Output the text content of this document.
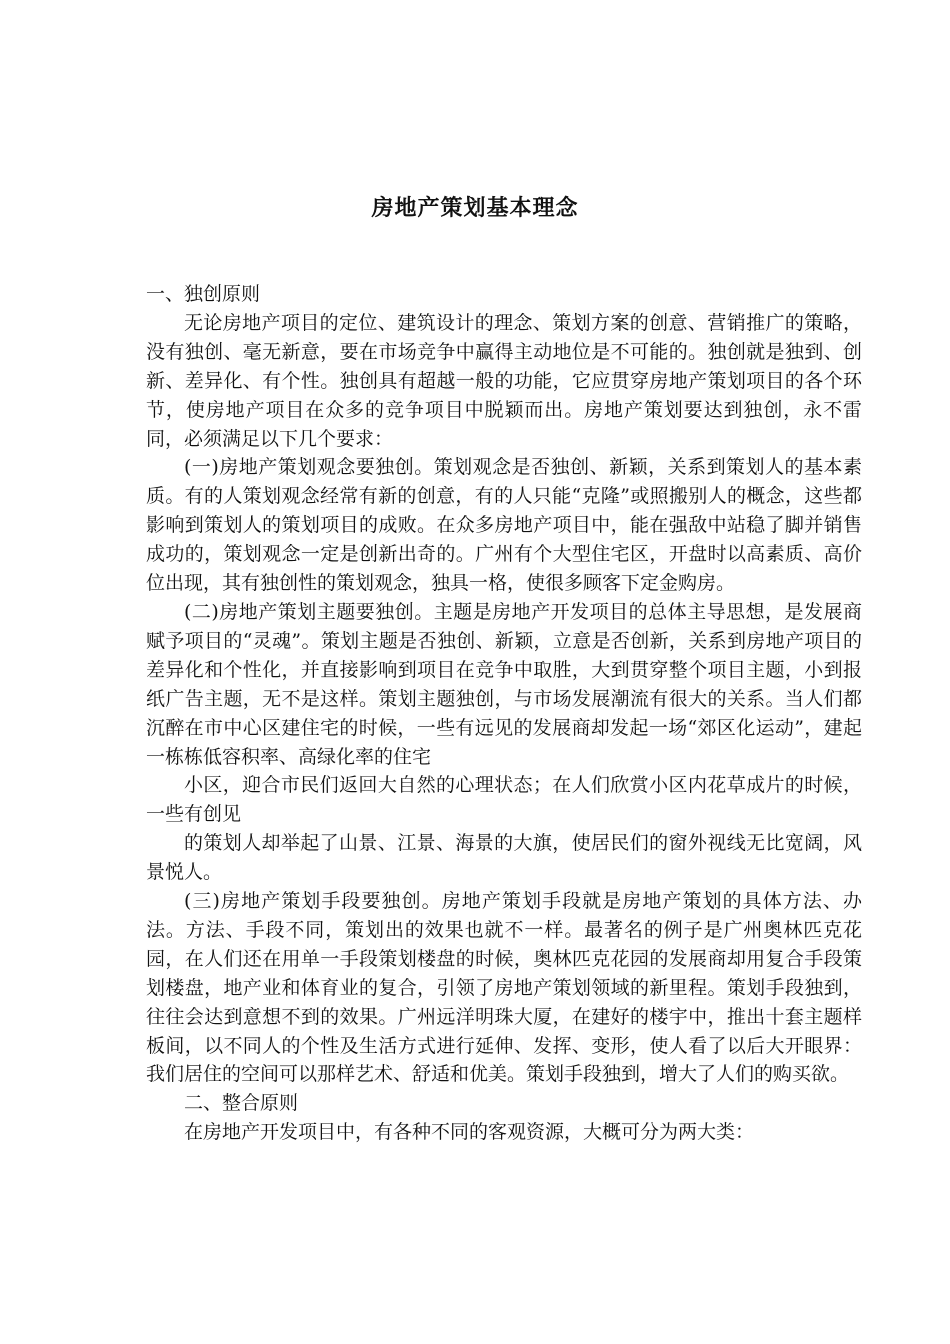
房地产策划基本理念

一、独创原则

无论房地产项目的定位、建筑设计的理念、策划方案的创意、营销推广的策略，没有独创、毫无新意，要在市场竞争中赢得主动地位是不可能的。独创就是独到、创新、差异化、有个性。独创具有超越一般的功能，它应贯穿房地产策划项目的各个环节，使房地产项目在众多的竞争项目中脱颖而出。房地产策划要达到独创，永不雷同，必须满足以下几个要求：

(一)房地产策划观念要独创。策划观念是否独创、新颖，关系到策划人的基本素质。有的人策划观念经常有新的创意，有的人只能“克隆”或照搬别人的概念，这些都影响到策划人的策划项目的成败。在众多房地产项目中，能在强敌中站稳了脚并销售成功的，策划观念一定是创新出奇的。广州有个大型住宅区，开盘时以高素质、高价位出现，其有独创性的策划观念，独具一格，使很多顾客下定金购房。

(二)房地产策划主题要独创。主题是房地产开发项目的总体主导思想，是发展商赋予项目的“灵魂”。策划主题是否独创、新颖，立意是否创新，关系到房地产项目的差异化和个性化，并直接影响到项目在竞争中取胜，大到贯穿整个项目主题，小到报纸广告主题，无不是这样。策划主题独创，与市场发展潮流有很大的关系。当人们都沉醉在市中心区建住宅的时候，一些有远见的发展商却发起一场“郊区化运动”，建起一栋栋低容积率、高绿化率的住宅

小区，迎合市民们返回大自然的心理状态；在人们欣赏小区内花草成片的时候，一些有创见

的策划人却举起了山景、江景、海景的大旗，使居民们的窗外视线无比宽阔，风景悦人。

(三)房地产策划手段要独创。房地产策划手段就是房地产策划的具体方法、办法。方法、手段不同，策划出的效果也就不一样。最著名的例子是广州奥林匹克花园，在人们还在用单一手段策划楼盘的时候，奥林匹克花园的发展商却用复合手段策划楼盘，地产业和体育业的复合，引领了房地产策划领域的新里程。策划手段独到，往往会达到意想不到的效果。广州远洋明珠大厦，在建好的楼宇中，推出十套主题样板间，以不同人的个性及生活方式进行延伸、发挥、变形，使人看了以后大开眼界：我们居住的空间可以那样艺术、舒适和优美。策划手段独到，增大了人们的购买欲。

二、整合原则

在房地产开发项目中，有各种不同的客观资源，大概可分为两大类：
